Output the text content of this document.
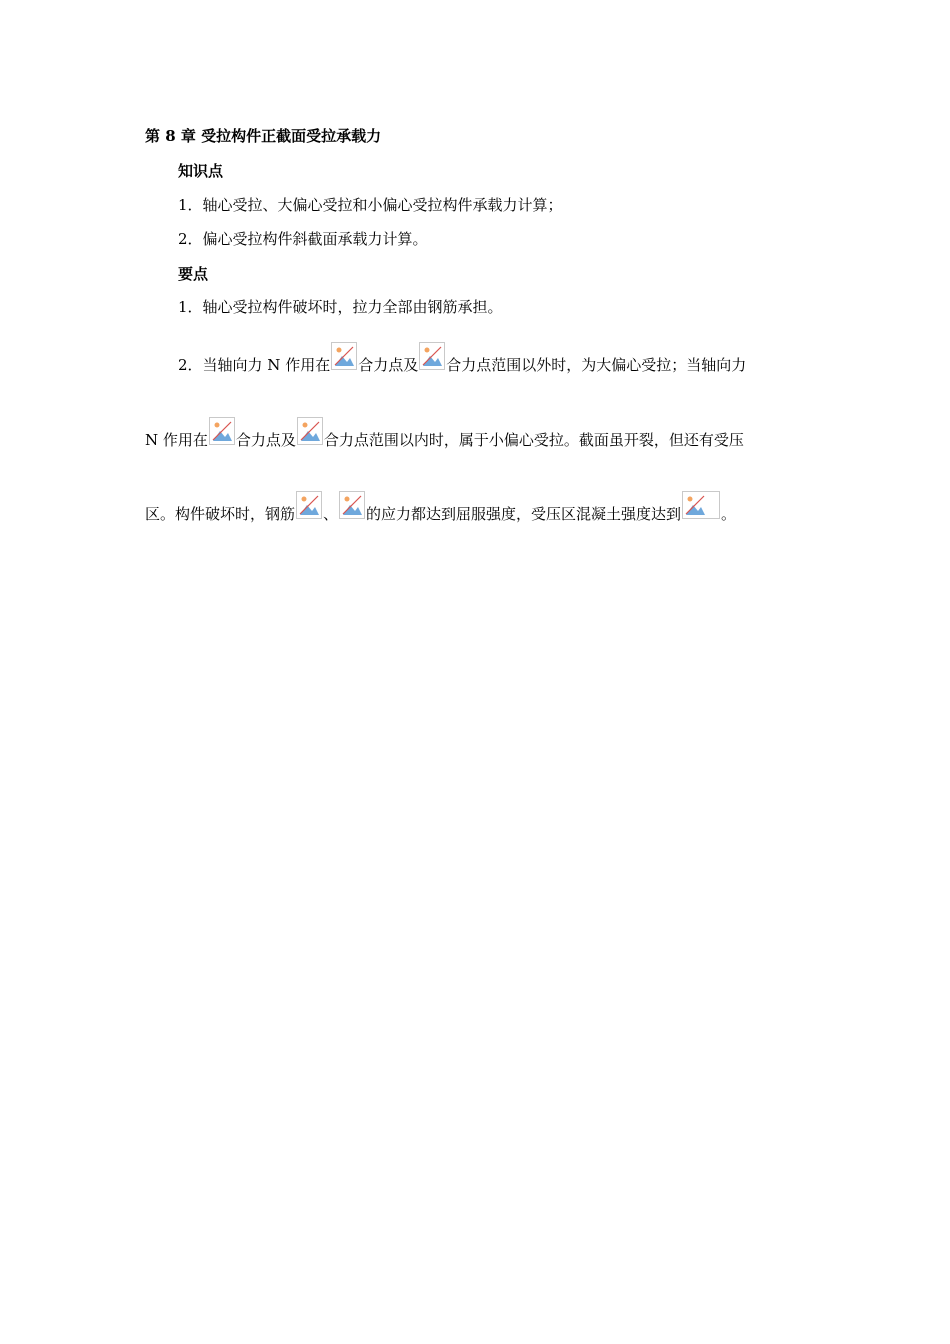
第 8 章 受拉构件正截面受拉承载力
知识点
1．轴心受拉、大偏心受拉和小偏心受拉构件承载力计算；
2．偏心受拉构件斜截面承载力计算。
要点
1．轴心受拉构件破坏时，拉力全部由钢筋承担。
2．当轴向力 N 作用在 合力点及 合力点范围以外时，为大偏心受拉；当轴向力
N 作用在 合力点及 合力点范围以内时，属于小偏心受拉。截面虽开裂，但还有受压
区。构件破坏时，钢筋 、 的应力都达到屈服强度，受压区混凝土强度达到	。
